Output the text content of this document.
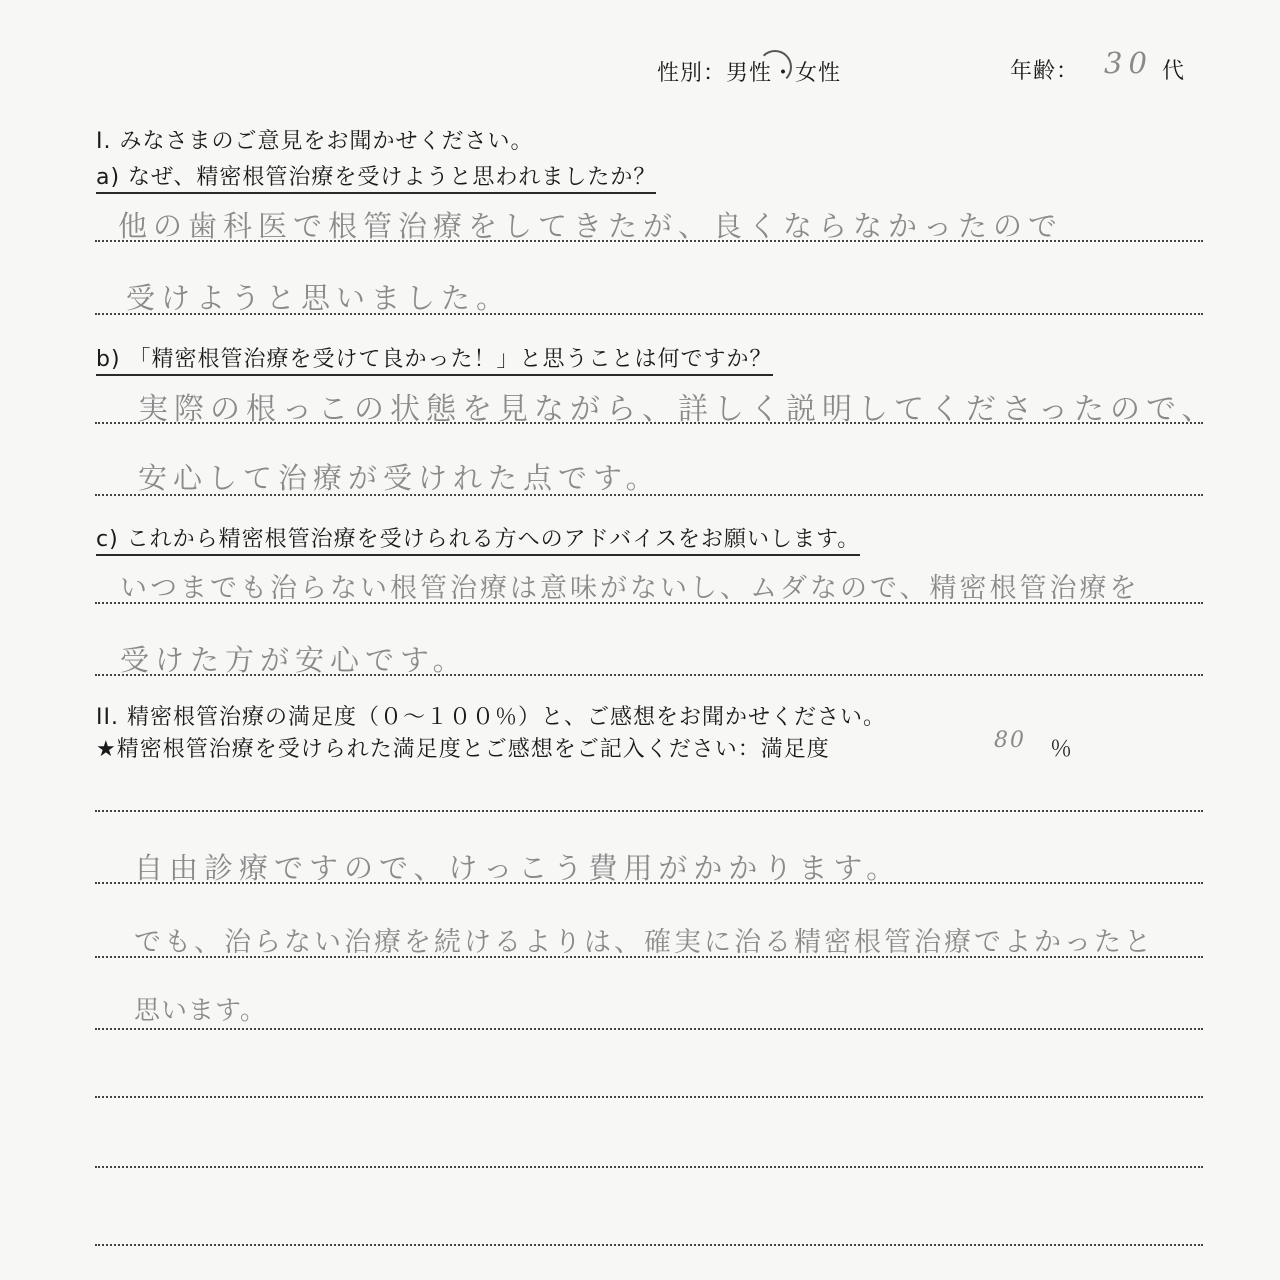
性別：男性・女性	年齢： 30 代
I. みなさまのご意見をお聞かせください。
a) なぜ、精密根管治療を受けようと思われましたか？
他の歯科医で根管治療をしてきたが、良くならなかったので
受けようと思いました。
b) 「精密根管治療を受けて良かった！」と思うことは何ですか？
実際の根っこの状態を見ながら、詳しく説明してくださったので、
安心して治療が受けれた点です。
c) これから精密根管治療を受けられる方へのアドバイスをお願いします。
いつまでも治らない根管治療は意味がないし、ムダなので、精密根管治療を
受けた方が安心です。
II. 精密根管治療の満足度（０～１００％）と、ご感想をお聞かせください。
★精密根管治療を受けられた満足度とご感想をご記入ください：満足度	80 ％
自由診療ですので、けっこう費用がかかります。
でも、治らない治療を続けるよりは、確実に治る精密根管治療でよかったと
思います。
